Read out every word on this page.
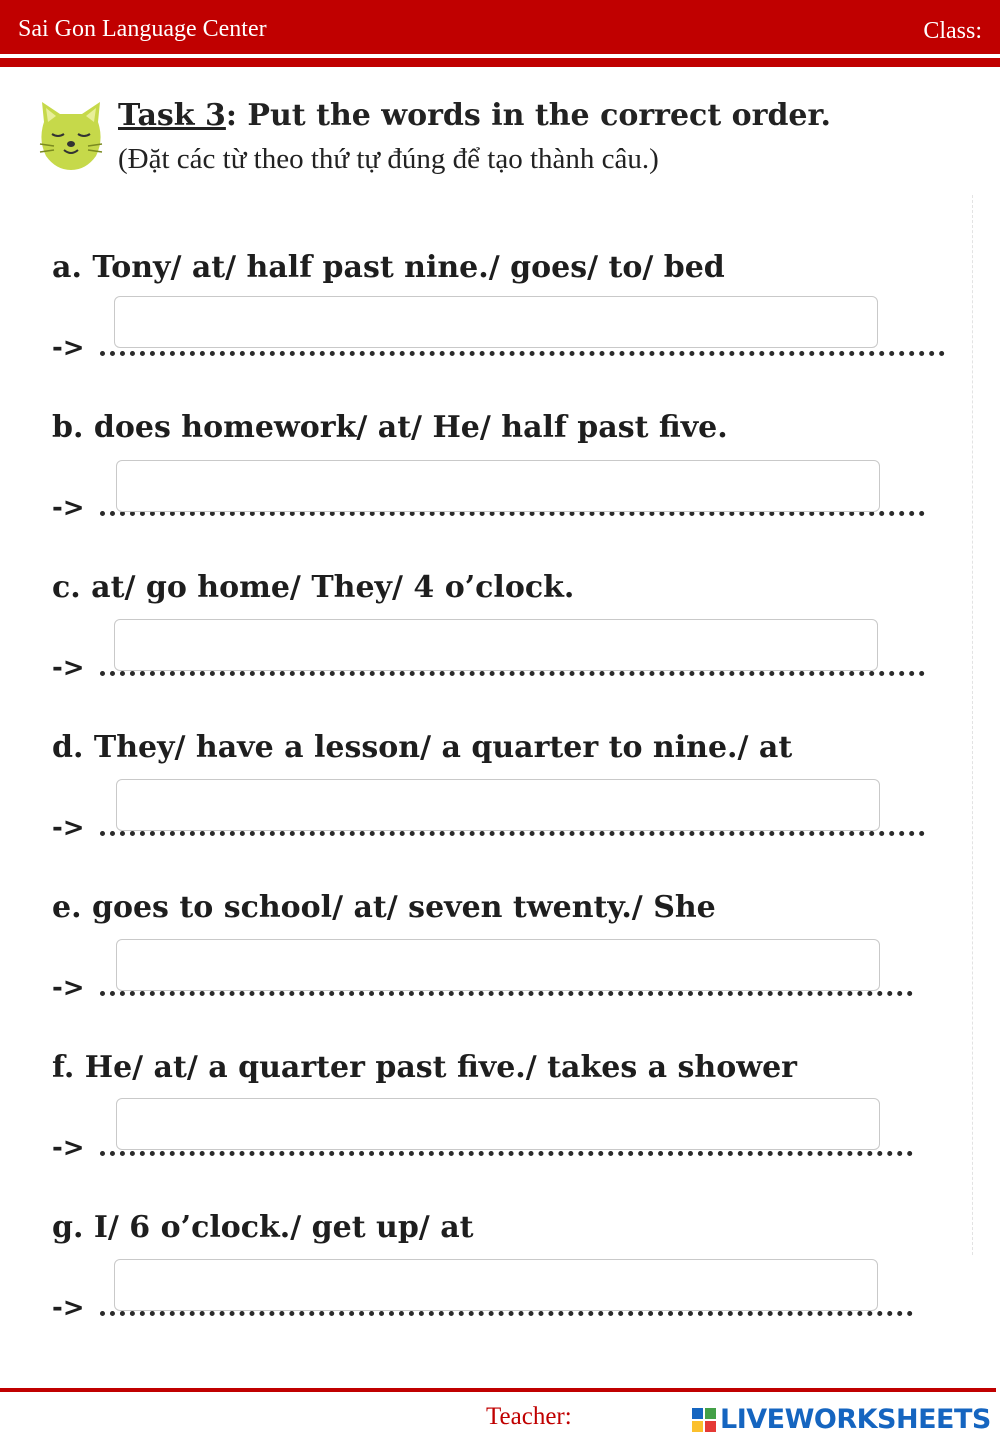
Sai Gon Language Center	Class:
Task 3: Put the words in the correct order.
(Đặt các từ theo thứ tự đúng để tạo thành câu.)
a. Tony/ at/ half past nine./ goes/ to/ bed
->
b. does homework/ at/ He/ half past five.
->
c. at/ go home/ They/ 4 o’clock.
->
d. They/ have a lesson/ a quarter to nine./ at
->
e. goes to school/ at/ seven twenty./ She
->
f. He/ at/ a quarter past five./ takes a shower
->
g. I/ 6 o’clock./ get up/ at
->
Teacher:	LIVEWORKSHEETS
